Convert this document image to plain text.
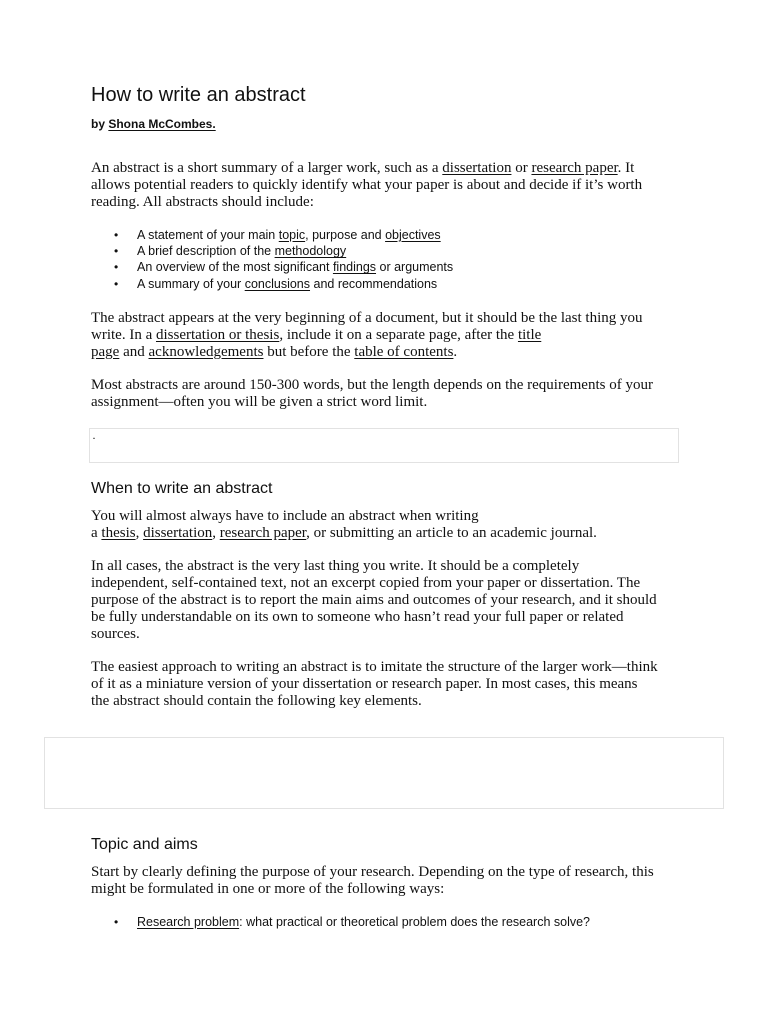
How to write an abstract
by Shona McCombes.
An abstract is a short summary of a larger work, such as a dissertation or research paper. It
allows potential readers to quickly identify what your paper is about and decide if it’s worth
reading. All abstracts should include:
• A statement of your main topic, purpose and objectives
• A brief description of the methodology
• An overview of the most significant findings or arguments
• A summary of your conclusions and recommendations
The abstract appears at the very beginning of a document, but it should be the last thing you
write. In a dissertation or thesis, include it on a separate page, after the title
page and acknowledgements but before the table of contents.
Most abstracts are around 150-300 words, but the length depends on the requirements of your
assignment—often you will be given a strict word limit.
·
When to write an abstract
You will almost always have to include an abstract when writing
a thesis, dissertation, research paper, or submitting an article to an academic journal.
In all cases, the abstract is the very last thing you write. It should be a completely
independent, self-contained text, not an excerpt copied from your paper or dissertation. The
purpose of the abstract is to report the main aims and outcomes of your research, and it should
be fully understandable on its own to someone who hasn’t read your full paper or related
sources.
The easiest approach to writing an abstract is to imitate the structure of the larger work—think
of it as a miniature version of your dissertation or research paper. In most cases, this means
the abstract should contain the following key elements.
Topic and aims
Start by clearly defining the purpose of your research. Depending on the type of research, this
might be formulated in one or more of the following ways:
• Research problem: what practical or theoretical problem does the research solve?
